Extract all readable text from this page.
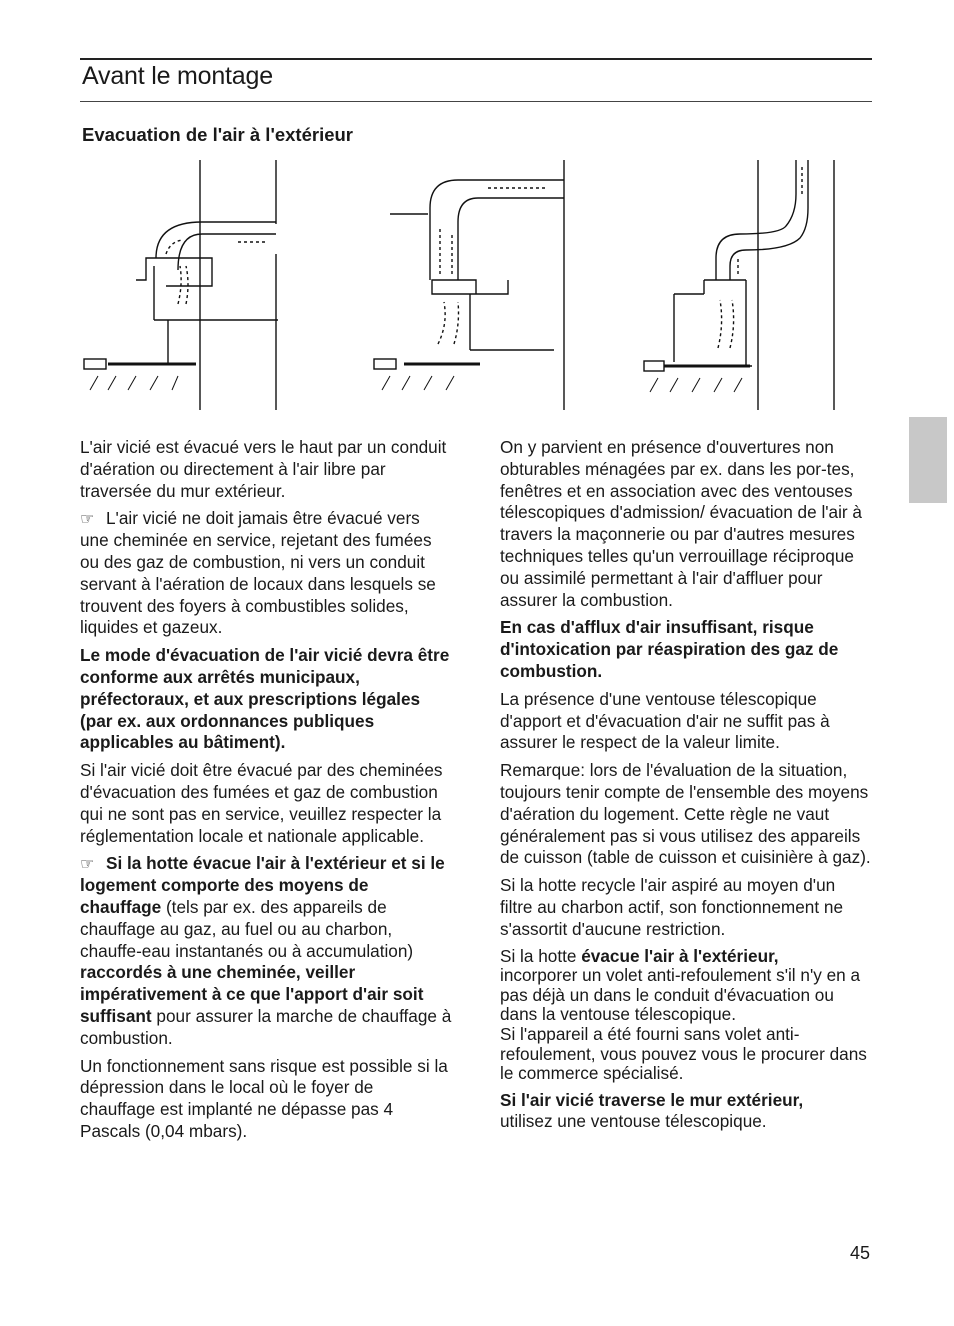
Avant le montage
Evacuation de l'air à l'extérieur

L'air vicié est évacué vers le haut par un conduit d'aération ou directement à l'air libre par traversée du mur extérieur.

☞ L'air vicié ne doit jamais être évacué vers une cheminée en service, rejetant des fumées ou des gaz de combustion, ni vers un conduit servant à l'aération de locaux dans lesquels se trouvent des foyers à combustibles solides, liquides et gazeux.

Le mode d'évacuation de l'air vicié devra être conforme aux arrêtés municipaux, préfectoraux, et aux prescriptions légales (par ex. aux ordonnances publiques applicables au bâtiment).

Si l'air vicié doit être évacué par des cheminées d'évacuation des fumées et gaz de combustion qui ne sont pas en service, veuillez respecter la réglementation locale et nationale applicable.

☞ Si la hotte évacue l'air à l'extérieur et si le logement comporte des moyens de chauffage (tels par ex. des appareils de chauffage au gaz, au fuel ou au charbon, chauffe-eau instantanés ou à accumulation) raccordés à une cheminée, veiller impérativement à ce que l'apport d'air soit suffisant pour assurer la marche de chauffage à combustion.

Un fonctionnement sans risque est possible si la dépression dans le local où le foyer de chauffage est implanté ne dépasse pas 4 Pascals (0,04 mbars).

On y parvient en présence d'ouvertures non obturables ménagées par ex. dans les por-tes, fenêtres et en association avec des ventouses télescopiques d'admission/ évacuation de l'air à travers la maçonnerie ou par d'autres mesures techniques telles qu'un verrouillage réciproque ou assimilé permettant à l'air d'affluer pour assurer la combustion.

En cas d'afflux d'air insuffisant, risque d'intoxication par réaspiration des gaz de combustion.

La présence d'une ventouse télescopique d'apport et d'évacuation d'air ne suffit pas à assurer le respect de la valeur limite.

Remarque: lors de l'évaluation de la situation, toujours tenir compte de l'ensemble des moyens d'aération du logement. Cette règle ne vaut généralement pas si vous utilisez des appareils de cuisson (table de cuisson et cuisinière à gaz).

Si la hotte recycle l'air aspiré au moyen d'un filtre au charbon actif, son fonctionnement ne s'assortit d'aucune restriction.

Si la hotte évacue l'air à l'extérieur,
incorporer un volet anti-refoulement s'il n'y en a pas déjà un dans le conduit d'évacuation ou dans la ventouse télescopique.
Si l'appareil a été fourni sans volet anti-refoulement, vous pouvez vous le procurer dans le commerce spécialisé.

Si l'air vicié traverse le mur extérieur,
utilisez une ventouse télescopique.

45
